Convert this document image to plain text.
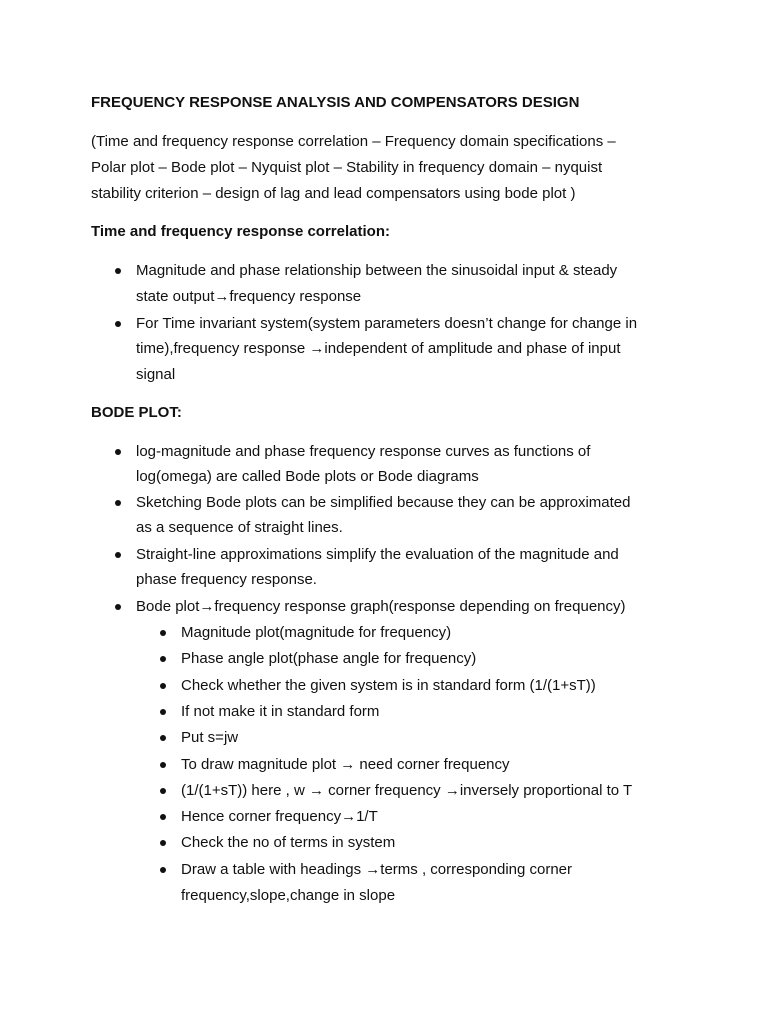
FREQUENCY RESPONSE ANALYSIS AND COMPENSATORS DESIGN
(Time and frequency response correlation – Frequency domain specifications –
Polar plot – Bode plot – Nyquist plot – Stability in frequency domain – nyquist
stability criterion – design of lag and lead compensators using bode plot )
Time and frequency response correlation:
Magnitude and phase relationship between the sinusoidal input & steady
state output→frequency response
For Time invariant system(system parameters doesn’t change for change in
time),frequency response →independent of amplitude and phase of input
signal
BODE PLOT:
log-magnitude and phase frequency response curves as functions of
log(omega) are called Bode plots or Bode diagrams
Sketching Bode plots can be simplified because they can be approximated
as a sequence of straight lines.
Straight-line approximations simplify the evaluation of the magnitude and
phase frequency response.
Bode plot→frequency response graph(response depending on frequency)
Magnitude plot(magnitude for frequency)
Phase angle plot(phase angle for frequency)
Check whether the given system is in standard form (1/(1+sT))
If not make it in standard form
Put s=jw
To draw magnitude plot → need corner frequency
(1/(1+sT)) here , w → corner frequency →inversely proportional to T
Hence corner frequency→1/T
Check the no of terms in system
Draw a table with headings →terms , corresponding corner
frequency,slope,change in slope
